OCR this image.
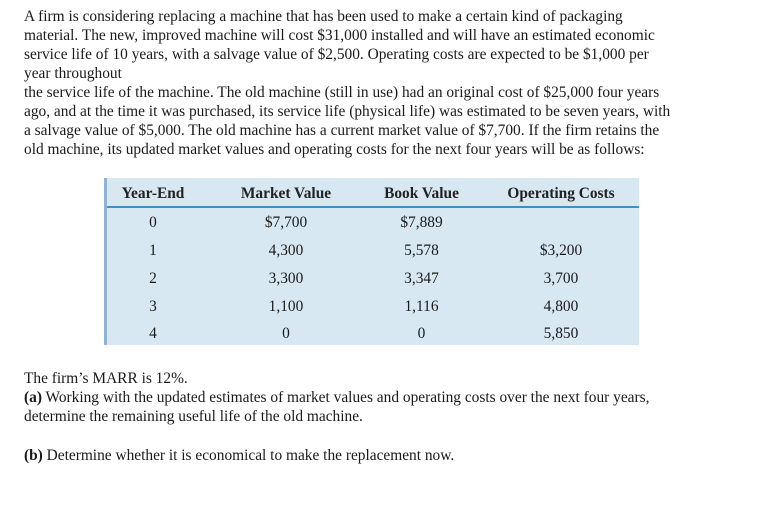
A firm is considering replacing a machine that has been used to make a certain kind of packaging
material. The new, improved machine will cost $31,000 installed and will have an estimated economic
service life of 10 years, with a salvage value of $2,500. Operating costs are expected to be $1,000 per
year throughout
the service life of the machine. The old machine (still in use) had an original cost of $25,000 four years
ago, and at the time it was purchased, its service life (physical life) was estimated to be seven years, with
a salvage value of $5,000. The old machine has a current market value of $7,700. If the firm retains the
old machine, its updated market values and operating costs for the next four years will be as follows:
Year-End	Market Value	Book Value	Operating Costs
0	$7,700	$7,889
1	4,300	5,578	$3,200
2	3,300	3,347	3,700
3	1,100	1,116	4,800
4	0	0	5,850
The firm’s MARR is 12%.
(a) Working with the updated estimates of market values and operating costs over the next four years,
determine the remaining useful life of the old machine.
(b) Determine whether it is economical to make the replacement now.
